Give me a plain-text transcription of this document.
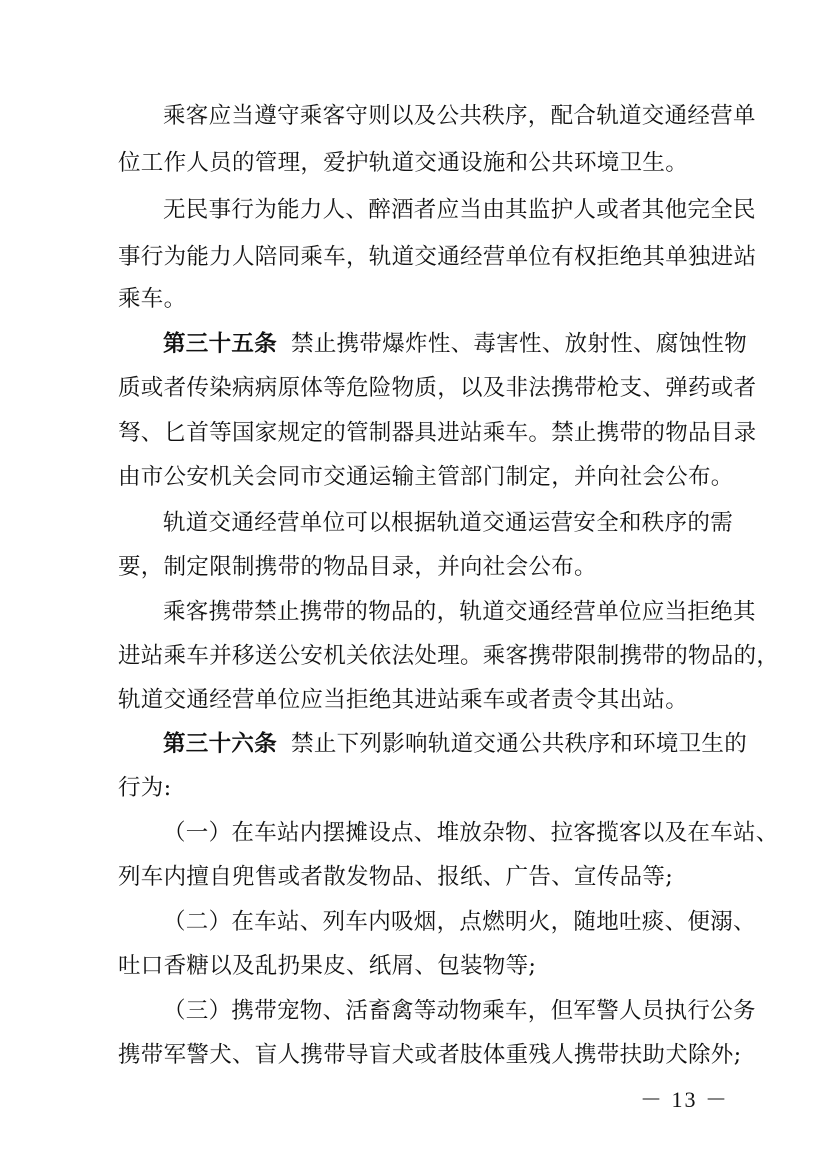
乘客应当遵守乘客守则以及公共秩序，配合轨道交通经营单
位工作人员的管理，爱护轨道交通设施和公共环境卫生。
无民事行为能力人、醉酒者应当由其监护人或者其他完全民
事行为能力人陪同乘车，轨道交通经营单位有权拒绝其单独进站
乘车。
第三十五条 禁止携带爆炸性、毒害性、放射性、腐蚀性物
质或者传染病病原体等危险物质，以及非法携带枪支、弹药或者
弩、匕首等国家规定的管制器具进站乘车。禁止携带的物品目录
由市公安机关会同市交通运输主管部门制定，并向社会公布。
轨道交通经营单位可以根据轨道交通运营安全和秩序的需
要，制定限制携带的物品目录，并向社会公布。
乘客携带禁止携带的物品的，轨道交通经营单位应当拒绝其
进站乘车并移送公安机关依法处理。乘客携带限制携带的物品的，
轨道交通经营单位应当拒绝其进站乘车或者责令其出站。
第三十六条 禁止下列影响轨道交通公共秩序和环境卫生的
行为:
（一）在车站内摆摊设点、堆放杂物、拉客揽客以及在车站、
列车内擅自兜售或者散发物品、报纸、广告、宣传品等;
（二）在车站、列车内吸烟，点燃明火，随地吐痰、便溺、
吐口香糖以及乱扔果皮、纸屑、包装物等;
（三）携带宠物、活畜禽等动物乘车，但军警人员执行公务
携带军警犬、盲人携带导盲犬或者肢体重残人携带扶助犬除外;
－ 13 －
